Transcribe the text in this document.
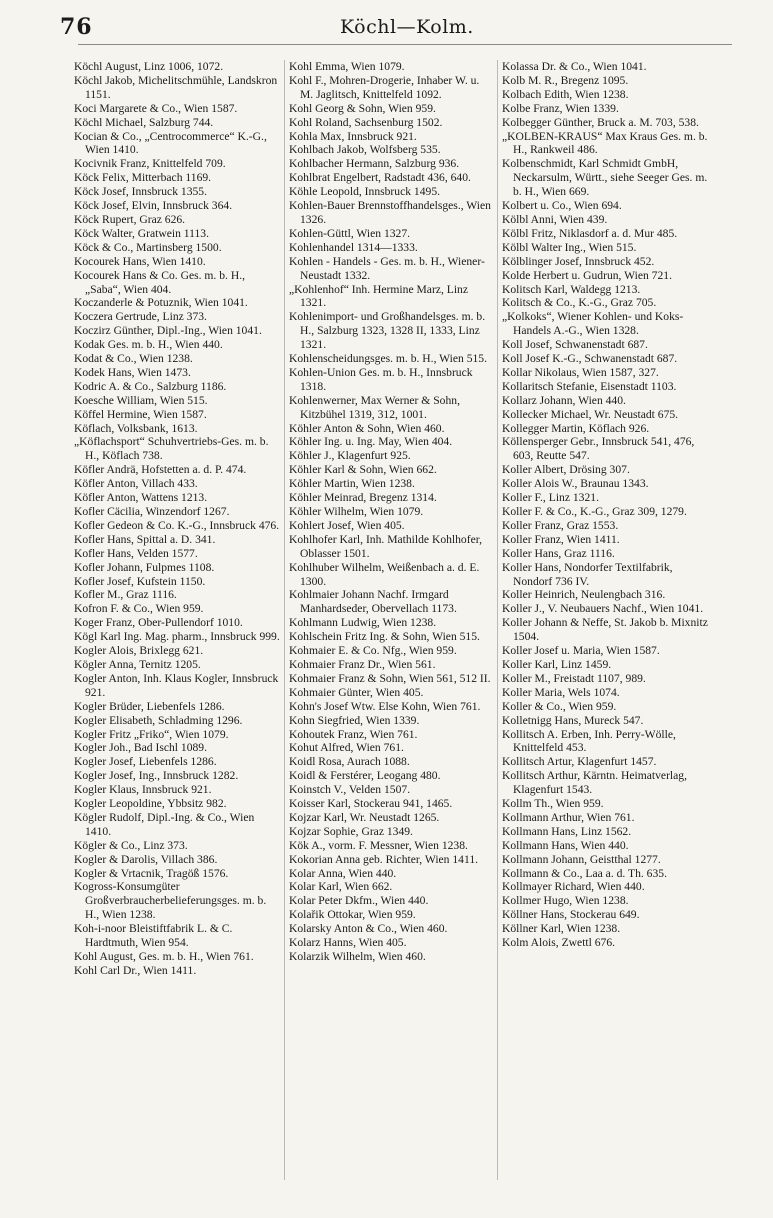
76	Köchl—Kolm.
Köchl August, Linz 1006, 1072.
Köchl Jakob, Michelitschmühle, Landskron 1151.
Koci Margarete & Co., Wien 1587.
Köchl Michael, Salzburg 744.
Kocian & Co., „Centrocommerce“ K.-G., Wien 1410.
Kocivnik Franz, Knittelfeld 709.
Köck Felix, Mitterbach 1169.
Köck Josef, Innsbruck 1355.
Köck Josef, Elvin, Innsbruck 364.
Köck Rupert, Graz 626.
Köck Walter, Gratwein 1113.
Köck & Co., Martinsberg 1500.
Kocourek Hans, Wien 1410.
Kocourek Hans & Co. Ges. m. b. H., „Saba“, Wien 404.
Koczanderle & Potuznik, Wien 1041.
Koczera Gertrude, Linz 373.
Koczirz Günther, Dipl.-Ing., Wien 1041.
Kodak Ges. m. b. H., Wien 440.
Kodat & Co., Wien 1238.
Kodek Hans, Wien 1473.
Kodric A. & Co., Salzburg 1186.
Koesche William, Wien 515.
Köffel Hermine, Wien 1587.
Köflach, Volksbank, 1613.
„Köflachsport“ Schuhvertriebs-Ges. m. b. H., Köflach 738.
Köfler Andrä, Hofstetten a. d. P. 474.
Köfler Anton, Villach 433.
Köfler Anton, Wattens 1213.
Kofler Cäcilia, Winzendorf 1267.
Kofler Gedeon & Co. K.-G., Innsbruck 476.
Kofler Hans, Spittal a. D. 341.
Kofler Hans, Velden 1577.
Kofler Johann, Fulpmes 1108.
Kofler Josef, Kufstein 1150.
Kofler M., Graz 1116.
Kofron F. & Co., Wien 959.
Koger Franz, Ober-Pullendorf 1010.
Kögl Karl Ing. Mag. pharm., Innsbruck 999.
Kogler Alois, Brixlegg 621.
Kögler Anna, Ternitz 1205.
Kogler Anton, Inh. Klaus Kogler, Innsbruck 921.
Kogler Brüder, Liebenfels 1286.
Kogler Elisabeth, Schladming 1296.
Kogler Fritz „Friko“, Wien 1079.
Kogler Joh., Bad Ischl 1089.
Kogler Josef, Liebenfels 1286.
Kogler Josef, Ing., Innsbruck 1282.
Kogler Klaus, Innsbruck 921.
Kogler Leopoldine, Ybbsitz 982.
Kögler Rudolf, Dipl.-Ing. & Co., Wien 1410.
Kögler & Co., Linz 373.
Kogler & Darolis, Villach 386.
Kogler & Vrtacnik, Tragöß 1576.
Kogross-Konsumgüter Großverbraucherbelieferungsges. m. b. H., Wien 1238.
Koh-i-noor Bleistiftfabrik L. & C. Hardtmuth, Wien 954.
Kohl August, Ges. m. b. H., Wien 761.
Kohl Carl Dr., Wien 1411.
Kohl Emma, Wien 1079.
Kohl F., Mohren-Drogerie, Inhaber W. u. M. Jaglitsch, Knittelfeld 1092.
Kohl Georg & Sohn, Wien 959.
Kohl Roland, Sachsenburg 1502.
Kohla Max, Innsbruck 921.
Kohlbach Jakob, Wolfsberg 535.
Kohlbacher Hermann, Salzburg 936.
Kohlbrat Engelbert, Radstadt 436, 640.
Köhle Leopold, Innsbruck 1495.
Kohlen-Bauer Brennstoffhandelsges., Wien 1326.
Kohlen-Güttl, Wien 1327.
Kohlenhandel 1314—1333.
Kohlen - Handels - Ges. m. b. H., Wiener-Neustadt 1332.
„Kohlenhof“ Inh. Hermine Marz, Linz 1321.
Kohlenimport- und Großhandelsges. m. b. H., Salzburg 1323, 1328 II, 1333, Linz 1321.
Kohlenscheidungsges. m. b. H., Wien 515.
Kohlen-Union Ges. m. b. H., Innsbruck 1318.
Kohlenwerner, Max Werner & Sohn, Kitzbühel 1319, 312, 1001.
Köhler Anton & Sohn, Wien 460.
Köhler Ing. u. Ing. May, Wien 404.
Köhler J., Klagenfurt 925.
Köhler Karl & Sohn, Wien 662.
Köhler Martin, Wien 1238.
Köhler Meinrad, Bregenz 1314.
Köhler Wilhelm, Wien 1079.
Kohlert Josef, Wien 405.
Kohlhofer Karl, Inh. Mathilde Kohlhofer, Oblasser 1501.
Kohlhuber Wilhelm, Weißenbach a. d. E. 1300.
Kohlmaier Johann Nachf. Irmgard Manhardseder, Obervellach 1173.
Kohlmann Ludwig, Wien 1238.
Kohlschein Fritz Ing. & Sohn, Wien 515.
Kohmaier E. & Co. Nfg., Wien 959.
Kohmaier Franz Dr., Wien 561.
Kohmaier Franz & Sohn, Wien 561, 512 II.
Kohmaier Günter, Wien 405.
Kohn's Josef Wtw. Else Kohn, Wien 761.
Kohn Siegfried, Wien 1339.
Kohoutek Franz, Wien 761.
Kohut Alfred, Wien 761.
Koidl Rosa, Aurach 1088.
Koidl & Ferstérer, Leogang 480.
Koinstch V., Velden 1507.
Koisser Karl, Stockerau 941, 1465.
Kojzar Karl, Wr. Neustadt 1265.
Kojzar Sophie, Graz 1349.
Kök A., vorm. F. Messner, Wien 1238.
Kokorian Anna geb. Richter, Wien 1411.
Kolar Anna, Wien 440.
Kolar Karl, Wien 662.
Kolar Peter Dkfm., Wien 440.
Kolařik Ottokar, Wien 959.
Kolarsky Anton & Co., Wien 460.
Kolarz Hanns, Wien 405.
Kolarzik Wilhelm, Wien 460.
Kolassa Dr. & Co., Wien 1041.
Kolb M. R., Bregenz 1095.
Kolbach Edith, Wien 1238.
Kolbe Franz, Wien 1339.
Kolbegger Günther, Bruck a. M. 703, 538.
„KOLBEN-KRAUS“ Max Kraus Ges. m. b. H., Rankweil 486.
Kolbenschmidt, Karl Schmidt GmbH, Neckarsulm, Württ., siehe Seeger Ges. m. b. H., Wien 669.
Kolbert u. Co., Wien 694.
Kölbl Anni, Wien 439.
Kölbl Fritz, Niklasdorf a. d. Mur 485.
Kölbl Walter Ing., Wien 515.
Kölblinger Josef, Innsbruck 452.
Kolde Herbert u. Gudrun, Wien 721.
Kolitsch Karl, Waldegg 1213.
Kolitsch & Co., K.-G., Graz 705.
„Kolkoks“, Wiener Kohlen- und Koks-Handels A.-G., Wien 1328.
Koll Josef, Schwanenstadt 687.
Koll Josef K.-G., Schwanenstadt 687.
Kollar Nikolaus, Wien 1587, 327.
Kollaritsch Stefanie, Eisenstadt 1103.
Kollarz Johann, Wien 440.
Kollecker Michael, Wr. Neustadt 675.
Kollegger Martin, Köflach 926.
Köllensperger Gebr., Innsbruck 541, 476, 603, Reutte 547.
Koller Albert, Drösing 307.
Koller Alois W., Braunau 1343.
Koller F., Linz 1321.
Koller F. & Co., K.-G., Graz 309, 1279.
Koller Franz, Graz 1553.
Koller Franz, Wien 1411.
Koller Hans, Graz 1116.
Koller Hans, Nondorfer Textilfabrik, Nondorf 736 IV.
Koller Heinrich, Neulengbach 316.
Koller J., V. Neubauers Nachf., Wien 1041.
Koller Johann & Neffe, St. Jakob b. Mixnitz 1504.
Koller Josef u. Maria, Wien 1587.
Koller Karl, Linz 1459.
Koller M., Freistadt 1107, 989.
Koller Maria, Wels 1074.
Koller & Co., Wien 959.
Kolletnigg Hans, Mureck 547.
Kollitsch A. Erben, Inh. Perry-Wölle, Knittelfeld 453.
Kollitsch Artur, Klagenfurt 1457.
Kollitsch Arthur, Kärntn. Heimatverlag, Klagenfurt 1543.
Kollm Th., Wien 959.
Kollmann Arthur, Wien 761.
Kollmann Hans, Linz 1562.
Kollmann Hans, Wien 440.
Kollmann Johann, Geistthal 1277.
Kollmann & Co., Laa a. d. Th. 635.
Kollmayer Richard, Wien 440.
Kollmer Hugo, Wien 1238.
Köllner Hans, Stockerau 649.
Köllner Karl, Wien 1238.
Kolm Alois, Zwettl 676.
